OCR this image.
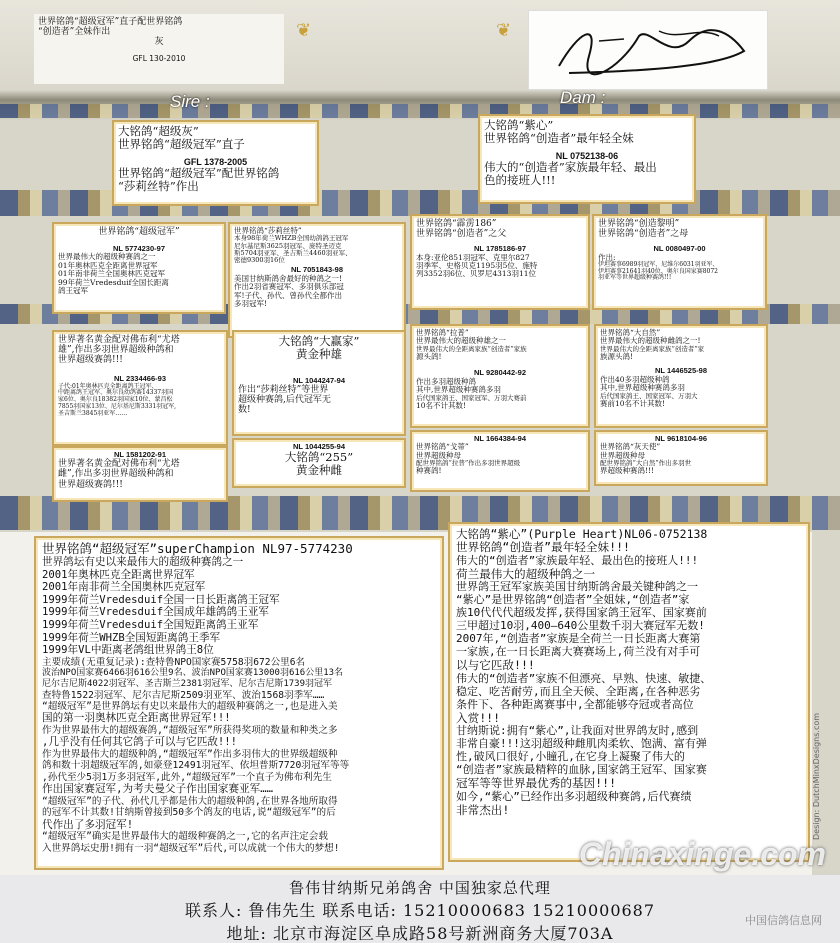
世界铭鸽“超级冠军”直子配世界铭鸽
“创造者”全妹作出
灰
GFL 130-2010
❦	❦
Sire :	Dam :
大铭鸽“超级灰”
世界铭鸽“超级冠军”直子
GFL 1378-2005
世界铭鸽“超级冠军”配世界铭鸽
“莎莉丝特”作出
大铭鸽“紫心”
世界铭鸽“创造者”最年轻全妹
NL 0752138-06
伟大的“创造者”家族最年轻、最出
色的接班人!!!
世界铭鸽“超级冠军”
NL 5774230-97
世界最伟大的超级种赛鸽之一
01年奥林匹克全距离世界冠军
01年南非荷兰全国奥林匹克冠军
99年荷兰Vredesduif全国长距离
鸽王冠军
世界铭鸽“莎莉丝特”
本身98年荷兰WHZB全国幼鸽鸽王冠军
尼尔基尼斯3625羽冠军、庞特圣迈克
斯5704羽亚军、圣吉斯兰4460羽亚军、
密德9300羽16位
NL 7051843-98
美国甘纳斯鸽舍最好的种鸽之一!
作出2羽省赛冠军、多羽俱乐部冠
军!子代、孙代、曾孙代全都作出
多羽冠军!
世界铭鸽“霹雳186”
世界铭鸽“创造者”之父
NL 1785186-97
本身:亚伦851羽冠军、克里尔827
羽季军、史格贝克1195羽5位、施特
列3352羽6位、贝罗尼4313羽11位
世界铭鸽“创造黎明”
世界铭鸽“创造者”之母
NL 0080497-00
作出:
伊坦赛事6989羽冠军、尼维尔6031羽亚军、
伊坦赛事21641羽40位、奥尔良国家赛8072
羽亚军等世界超级种赛鸽!!!
世界著名黄金配对佛布利“尤塔
雄”,作出多羽世界超级种鸽和
世界超级赛鸽!!!
NL 2334466-93
子代:01年奥林匹克全距离鸽王冠军、
中距离鸽王冠军、奥尔良幼鸽赛14337羽国
家6位、奥尔良18382羽国家10位、蒙昌松
7855羽国家13位、尼尔基尼斯3331羽冠军,
圣吉斯兰3845羽亚军……
NL 1581202-91
世界著名黄金配对佛布利“尤塔
雌”,作出多羽世界超级种鸽和
世界超级赛鸽!!!
大铭鸽“大赢家”
黄金种雄
NL 1044247-94
作出“莎莉丝特”等世界
超级种赛鸽,后代冠军无
数!
NL 1044255-94
大铭鸽“255”
黄金种雌
世界铭鸽“拉普”
世界最伟大的超级种雄之一
世界最伟大的全距离家族“创造者”家族
源头鸽!
NL 9280442-92
作出多羽超级种鸽
其中,世界超级种赛鸽多羽
后代国家鸽王、国家冠军、万羽大赛前
10名不计其数!
NL 1664384-94
世界铭鸽“戈蒂”
世界超级种母
配世界铭鸽“拉普”作出多羽世界超级
种赛鸽!
世界铭鸽“大自然”
世界最伟大的超级种雌鸽之一!
世界最伟大的全距离家族“创造者”家
族源头鸽!
NL 1446525-98
作出40多羽超级种鸽
其中,世界超级种赛鸽多羽
后代国家鸽王、国家冠军、万羽大
赛前10名不计其数!
NL 9618104-96
世界铭鸽“灰天使”
世界超级种母
配世界铭鸽“大自然”作出多羽世
界超级种赛鸽!!!
世界铭鸽“超级冠军”superChampion NL97-5774230
世界鸽坛有史以来最伟大的超级种赛鸽之一
2001年奥林匹克全距离世界冠军
2001年南非荷兰全国奥林匹克冠军
1999年荷兰Vredesduif全国一日长距离鸽王冠军
1999年荷兰Vredesduif全国成年雄鸽鸽王亚军
1999年荷兰Vredesduif全国短距离鸽王亚军
1999年荷兰WHZB全国短距离鸽王季军
1999年VL中距离老鸽组世界鸽王8位
主要成绩(无重复记录):查特鲁NPO国家赛5758羽672公里6名
波治NPO国家赛6466羽616公里9名、波治NPO国家赛13000羽616公里13名
尼尔吉尼斯4022羽冠军、圣吉斯兰2381羽冠军、尼尔吉尼斯1739羽冠军
查特鲁1522羽冠军、尼尔吉尼斯2509羽亚军、波治1568羽季军……
“超级冠军”是世界鸽坛有史以来最伟大的超级种赛鸽之一,也是进入美
国的第一羽奥林匹克全距离世界冠军!!!
作为世界最伟大的超级赛鸽,“超级冠军”所获得奖项的数量和种类之多
,几乎没有任何其它鸽子可以与它匹敌!!!
作为世界最伟大的超级种鸽,“超级冠军”作出多羽伟大的世界级超级种
鸽和数十羽超级冠军鸽,如豪登12491羽冠军、依坦普斯7720羽冠军等等
,孙代至少5羽1万多羽冠军,此外,“超级冠军”一个直子为佛布利先生
作出国家赛冠军,为考夫曼父子作出国家赛亚军……
“超级冠军”的子代、孙代几乎都是伟大的超级种鸽,在世界各地所取得
的冠军不计其数!甘纳斯曾接到50多个鸽友的电话,说“超级冠军”的后
代作出了多羽冠军!
“超级冠军”确实是世界最伟大的超级种赛鸽之一,它的名声注定会载
入世界鸽坛史册!拥有一羽“超级冠军”后代,可以成就一个伟大的梦想!
大铭鸽“紫心”(Purple Heart)NL06-0752138
世界铭鸽“创造者”最年轻全妹!!!
伟大的“创造者”家族最年轻、最出色的接班人!!!
荷兰最伟大的超级种鸽之一
世界鸽王冠军家族美国甘纳斯鸽舍最关键种鸽之一
“紫心”是世界铭鸽“创造者”全姐妹,“创造者”家
族10代代代超级发挥,获得国家鸽王冠军、国家赛前
三甲超过10羽,400—640公里数千羽大赛冠军无数!
2007年,“创造者”家族是全荷兰一日长距离大赛第
一家族,在一日长距离大赛赛场上,荷兰没有对手可
以与它匹敌!!!
伟大的“创造者”家族不但漂亮、早熟、快速、敏捷、
稳定、吃苦耐劳,而且全天候、全距离,在各种恶劣
条件下、各种距离赛事中,全都能够夺冠或者高位
入赏!!!
甘纳斯说:拥有“紫心”,让我面对世界鸽友时,感到
非常自豪!!!这羽超级种雌肌肉柔软、饱满、富有弹
性,破风口很好,小瞳孔,在它身上凝聚了伟大的
“创造者”家族最精粹的血脉,国家鸽王冠军、国家赛
冠军等等世界最优秀的基因!!!
如今,“紫心”已经作出多羽超级种赛鸽,后代赛绩
非常杰出!	Design: DutchMinxDesigns.com
鲁伟甘纳斯兄弟鸽舍 中国独家总代理
联系人: 鲁伟先生 联系电话: 15210000683 15210000687
地址: 北京市海淀区阜成路58号新洲商务大厦703A
Chinaxinge.com
中国信鸽信息网
